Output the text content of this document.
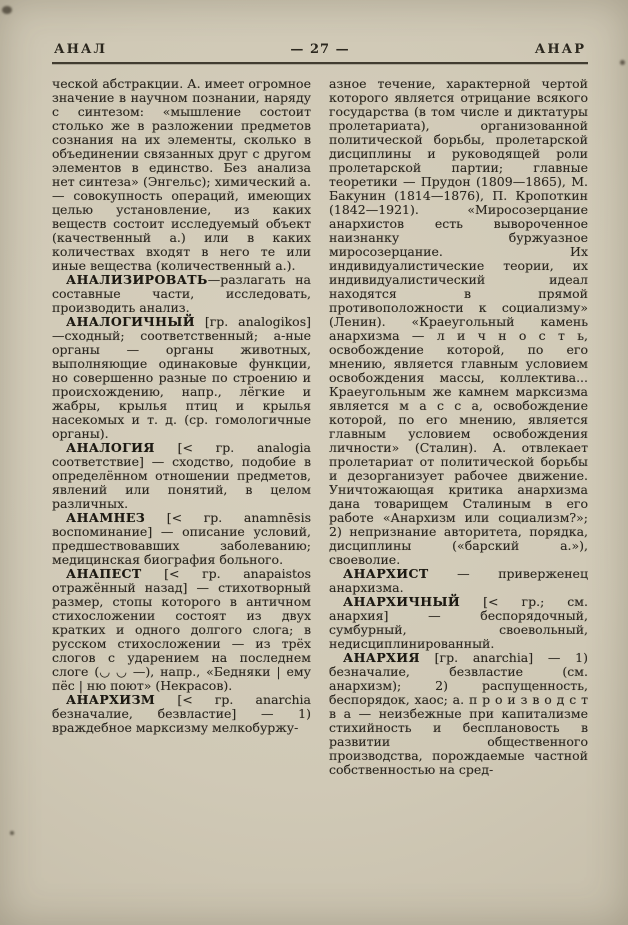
АНАЛ	— 27 —	АНАР

ческой абстракции. А. имеет огромное значение в научном познании, наряду с синтезом: «мышление состоит столько же в разложении предметов сознания на их элементы, сколько в объединении связанных друг с другом элементов в единство. Без анализа нет синтеза» (Энгельс); химический а.— совокупность операций, имеющих целью установление, из каких веществ состоит исследуемый объект (качественный а.) или в каких количествах входят в него те или иные вещества (количественный а.).

АНАЛИЗИРОВАТЬ—разлагать на составные части, исследовать, производить анализ.

АНАЛОГИЧНЫЙ [гр. analogikos]—сходный; соответственный; а-ные органы — органы животных, выполняющие одинаковые функции, но совершенно разные по строению и происхождению, напр., лёгкие и жабры, крылья птиц и крылья насекомых и т. д. (ср. гомологичные органы).

АНАЛОГИЯ [< гр. analogia соответствие] — сходство, подобие в определённом отношении предметов, явлений или понятий, в целом различных.

АНАМНЕЗ [< гр. anamnēsis воспоминание] — описание условий, предшествовавших заболеванию; медицинская биография больного.

АНАПЕСТ [< гр. anapaistos отражённый назад] — стихотворный размер, стопы которого в античном стихосложении состоят из двух кратких и одного долгого слога; в русском стихосложении — из трёх слогов с ударением на последнем слоге (◡ ◡ —), напр., «Бедняки | ему пёс | ню поют» (Некрасов).

АНАРХИЗМ [< гр. anarchia безначалие, безвластие] — 1) враждебное марксизму мелкобуржу-

азное течение, характерной чертой которого является отрицание всякого государства (в том числе и диктатуры пролетариата), организованной политической борьбы, пролетарской дисциплины и руководящей роли пролетарской партии; главные теоретики — Прудон (1809—1865), М. Бакунин (1814—1876), П. Кропоткин (1842—1921). «Миросозерцание анархистов есть вывороченное наизнанку буржуазное миросозерцание. Их индивидуалистические теории, их индивидуалистический идеал находятся в прямой противоположности к социализму» (Ленин). «Краеугольный камень анархизма — л и ч н о с т ь, освобождение которой, по его мнению, является главным условием освобождения массы, коллектива... Краеугольным же камнем марксизма является м а с с а, освобождение которой, по его мнению, является главным условием освобождения личности» (Сталин). А. отвлекает пролетариат от политической борьбы и дезорганизует рабочее движение. Уничтожающая критика анархизма дана товарищем Сталиным в его работе «Анархизм или социализм?»; 2) непризнание авторитета, порядка, дисциплины («барский а.»), своеволие.

АНАРХИСТ — приверженец анархизма.

АНАРХИЧНЫЙ [< гр.; см. анархия] — беспорядочный, сумбурный, своевольный, недисциплинированный.

АНАРХИЯ [гр. anarchia] — 1) безначалие, безвластие (см. анархизм); 2) распущенность, беспорядок, хаос; а. п р о и з в о д с т в а — неизбежные при капитализме стихийность и бесплановость в развитии общественного производства, порождаемые частной собственностью на сред-
